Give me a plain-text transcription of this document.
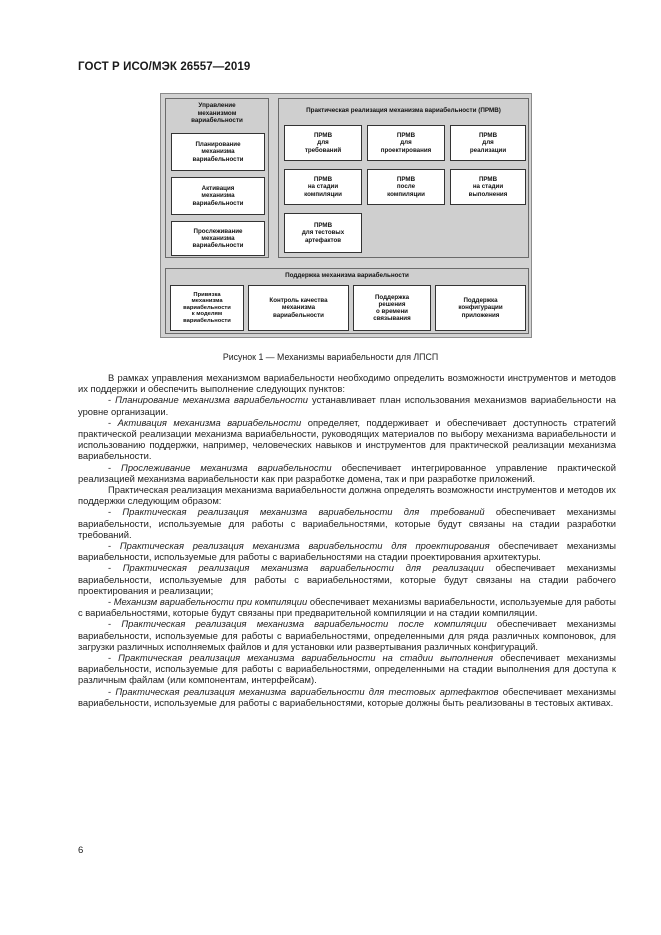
ГОСТ Р ИСО/МЭК 26557—2019
Управление
механизмом
вариабельности
Планирование
механизма
вариабельности
Активация
механизма
вариабельности
Прослеживание
механизма
вариабельности
Практическая реализация механизма вариабельности (ПРМВ)
ПРМВ
для
требований
ПРМВ
для
проектирования
ПРМВ
для
реализации
ПРМВ
на стадии
компиляции
ПРМВ
после
компиляции
ПРМВ
на стадии
выполнения
ПРМВ
для тестовых
артефактов
Поддержка механизма вариабельности
Привязка
механизма
вариабельности
к моделям
вариабельности
Контроль качества
механизма
вариабельности
Поддержка
решения
о времени
связывания
Поддержка
конфигурации
приложения
Рисунок 1 — Механизмы вариабельности для ЛПСП

В рамках управления механизмом вариабельности необходимо определить возможности инструментов и методов их поддержки и обеспечить выполнение следующих пунктов:

- Планирование механизма вариабельности устанавливает план использования механизмов вариабельности на уровне организации.

- Активация механизма вариабельности определяет, поддерживает и обеспечивает доступность стратегий практической реализации механизма вариабельности, руководящих материалов по выбору механизма вариабельности и использованию поддержки, например, человеческих навыков и инструментов для практической реализации механизма вариабельности.

- Прослеживание механизма вариабельности обеспечивает интегрированное управление практической реализацией механизма вариабельности как при разработке домена, так и при разработке приложений.

Практическая реализация механизма вариабельности должна определять возможности инструментов и методов их поддержки следующим образом:

- Практическая реализация механизма вариабельности для требований обеспечивает механизмы вариабельности, используемые для работы с вариабельностями, которые будут связаны на стадии разработки требований.

- Практическая реализация механизма вариабельности для проектирования обеспечивает механизмы вариабельности, используемые для работы с вариабельностями на стадии проектирования архитектуры.

- Практическая реализация механизма вариабельности для реализации обеспечивает механизмы вариабельности, используемые для работы с вариабельностями, которые будут связаны на стадии рабочего проектирования и реализации;

- Механизм вариабельности при компиляции обеспечивает механизмы вариабельности, используемые для работы с вариабельностями, которые будут связаны при предварительной компиляции и на стадии компиляции.

- Практическая реализация механизма вариабельности после компиляции обеспечивает механизмы вариабельности, используемые для работы с вариабельностями, определенными для ряда различных компоновок, для загрузки различных исполняемых файлов и для установки или развертывания различных конфигураций.

- Практическая реализация механизма вариабельности на стадии выполнения обеспечивает механизмы вариабельности, используемые для работы с вариабельностями, определенными на стадии выполнения для доступа к различным файлам (или компонентам, интерфейсам).

- Практическая реализация механизма вариабельности для тестовых артефактов обеспечивает механизмы вариабельности, используемые для работы с вариабельностями, которые должны быть реализованы в тестовых активах.

6
